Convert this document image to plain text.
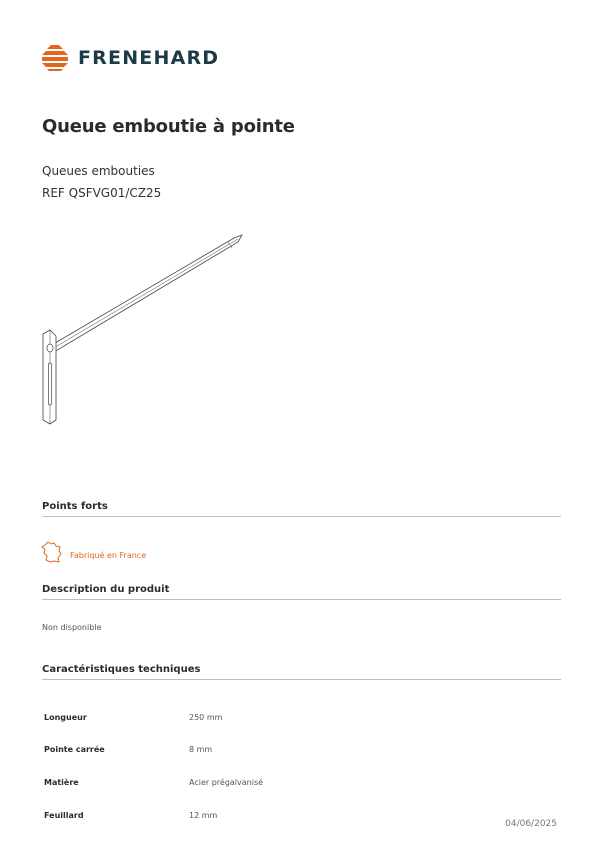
FRENEHARD
Queue emboutie à pointe
Queues embouties
REF QSFVG01/CZ25
Points forts
Fabriqué en France
Description du produit
Non disponible
Caractéristiques techniques
Longueur	250 mm
Pointe carrée	8 mm
Matière	Acier prégalvanisé
Feuillard	12 mm
04/06/2025
